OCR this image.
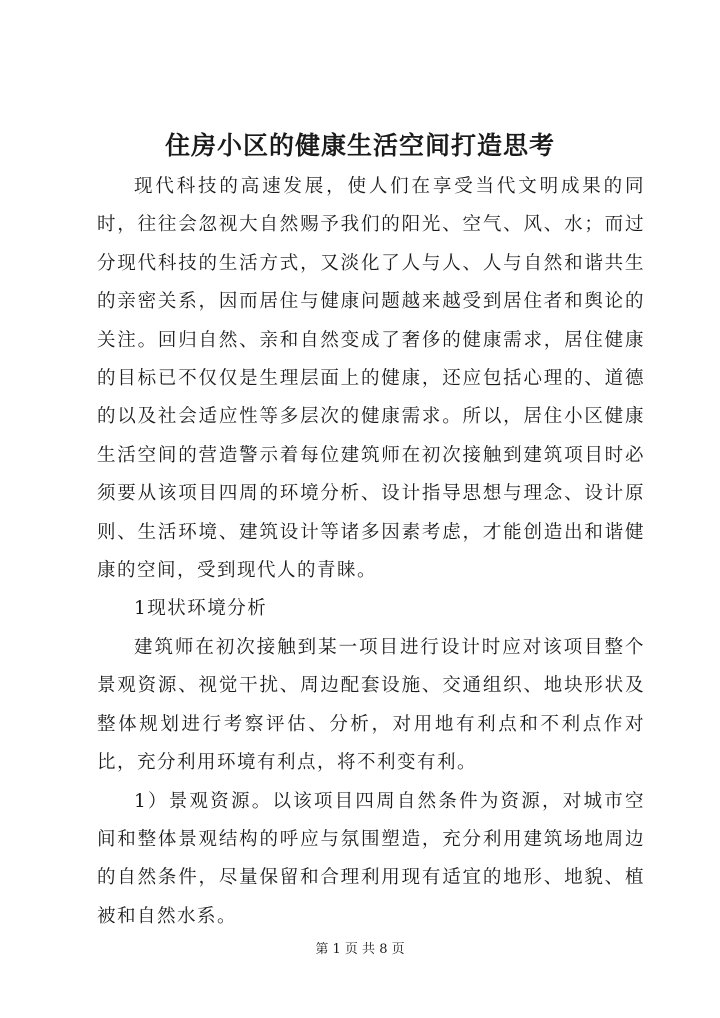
住房小区的健康生活空间打造思考

现代科技的高速发展，使人们在享受当代文明成果的同时，往往会忽视大自然赐予我们的阳光、空气、风、水；而过分现代科技的生活方式，又淡化了人与人、人与自然和谐共生的亲密关系，因而居住与健康问题越来越受到居住者和舆论的关注。回归自然、亲和自然变成了奢侈的健康需求，居住健康的目标已不仅仅是生理层面上的健康，还应包括心理的、道德的以及社会适应性等多层次的健康需求。所以，居住小区健康生活空间的营造警示着每位建筑师在初次接触到建筑项目时必须要从该项目四周的环境分析、设计指导思想与理念、设计原则、生活环境、建筑设计等诸多因素考虑，才能创造出和谐健康的空间，受到现代人的青睐。

1现状环境分析

建筑师在初次接触到某一项目进行设计时应对该项目整个景观资源、视觉干扰、周边配套设施、交通组织、地块形状及整体规划进行考察评估、分析，对用地有利点和不利点作对比，充分利用环境有利点，将不利变有利。

1）景观资源。以该项目四周自然条件为资源，对城市空间和整体景观结构的呼应与氛围塑造，充分利用建筑场地周边的自然条件，尽量保留和合理利用现有适宜的地形、地貌、植被和自然水系。

第 1 页 共 8 页
